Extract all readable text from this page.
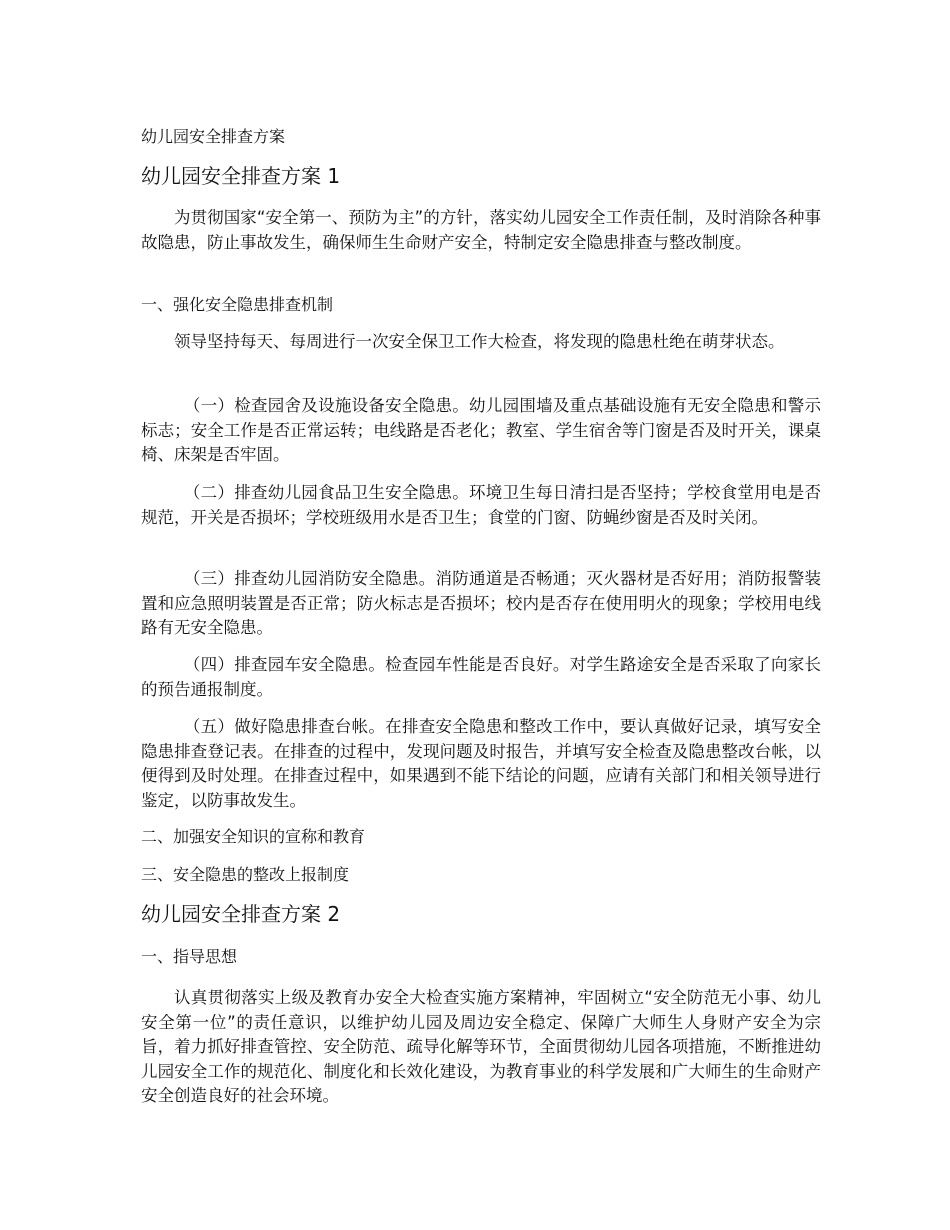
幼儿园安全排查方案

幼儿园安全排查方案 1

为贯彻国家“安全第一、预防为主”的方针，落实幼儿园安全工作责任制，及时消除各种事故隐患，防止事故发生，确保师生生命财产安全，特制定安全隐患排查与整改制度。

一、强化安全隐患排查机制

领导坚持每天、每周进行一次安全保卫工作大检查，将发现的隐患杜绝在萌芽状态。

（一）检查园舍及设施设备安全隐患。幼儿园围墙及重点基础设施有无安全隐患和警示标志；安全工作是否正常运转；电线路是否老化；教室、学生宿舍等门窗是否及时开关，课桌椅、床架是否牢固。

（二）排查幼儿园食品卫生安全隐患。环境卫生每日清扫是否坚持；学校食堂用电是否规范，开关是否损坏；学校班级用水是否卫生；食堂的门窗、防蝇纱窗是否及时关闭。

（三）排查幼儿园消防安全隐患。消防通道是否畅通；灭火器材是否好用；消防报警装置和应急照明装置是否正常；防火标志是否损坏；校内是否存在使用明火的现象；学校用电线路有无安全隐患。

（四）排查园车安全隐患。检查园车性能是否良好。对学生路途安全是否采取了向家长的预告通报制度。

（五）做好隐患排查台帐。在排查安全隐患和整改工作中，要认真做好记录，填写安全隐患排查登记表。在排查的过程中，发现问题及时报告，并填写安全检查及隐患整改台帐，以便得到及时处理。在排查过程中，如果遇到不能下结论的问题，应请有关部门和相关领导进行鉴定，以防事故发生。

二、加强安全知识的宣称和教育

三、安全隐患的整改上报制度

幼儿园安全排查方案 2

一、指导思想

认真贯彻落实上级及教育办安全大检查实施方案精神，牢固树立“安全防范无小事、幼儿安全第一位”的责任意识，以维护幼儿园及周边安全稳定、保障广大师生人身财产安全为宗旨，着力抓好排查管控、安全防范、疏导化解等环节，全面贯彻幼儿园各项措施，不断推进幼儿园安全工作的规范化、制度化和长效化建设，为教育事业的科学发展和广大师生的生命财产安全创造良好的社会环境。
